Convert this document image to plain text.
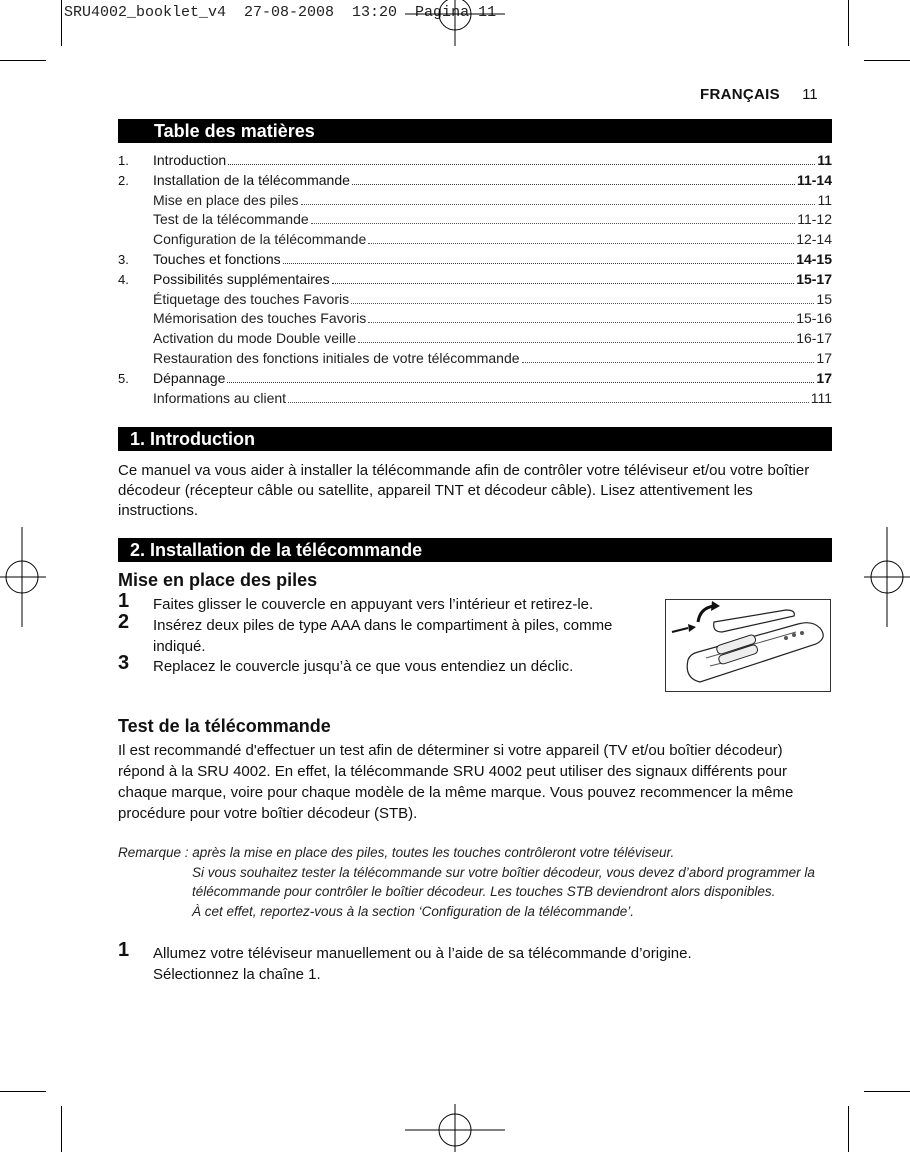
SRU4002_booklet_v4  27-08-2008  13:20  Pagina 11
FRANÇAIS 11
Table des matières
1.	Introduction	11
2.	Installation de la télécommande	11-14
Mise en place des piles	11
Test de la télécommande	11-12
Configuration de la télécommande	12-14
3.	Touches et fonctions	14-15
4.	Possibilités supplémentaires	15-17
Étiquetage des touches Favoris	15
Mémorisation des touches Favoris	15-16
Activation du mode Double veille	16-17
Restauration des fonctions initiales de votre télécommande	17
5.	Dépannage	17
Informations au client	111
1. Introduction
Ce manuel va vous aider à installer la télécommande afin de contrôler votre téléviseur et/ou votre boîtier décodeur (récepteur câble ou satellite, appareil TNT et décodeur câble). Lisez attentivement les instructions.
2. Installation de la télécommande
Mise en place des piles
1 Faites glisser le couvercle en appuyant vers l’intérieur et retirez-le.
2 Insérez deux piles de type AAA dans le compartiment à piles, comme indiqué.
3 Replacez le couvercle jusqu’à ce que vous entendiez un déclic.
Test de la télécommande
Il est recommandé d'effectuer un test afin de déterminer si votre appareil (TV et/ou boîtier décodeur) répond à la SRU 4002. En effet, la télécommande SRU 4002 peut utiliser des signaux différents pour chaque marque, voire pour chaque modèle de la même marque. Vous pouvez recommencer la même procédure pour votre boîtier décodeur (STB).
Remarque : après la mise en place des piles, toutes les touches contrôleront votre téléviseur.
Si vous souhaitez tester la télécommande sur votre boîtier décodeur, vous devez d’abord programmer la télécommande pour contrôler le boîtier décodeur. Les touches STB deviendront alors disponibles.
À cet effet, reportez-vous à la section ‘Configuration de la télécommande’.
1 Allumez votre téléviseur manuellement ou à l’aide de sa télécommande d’origine.
Sélectionnez la chaîne 1.
